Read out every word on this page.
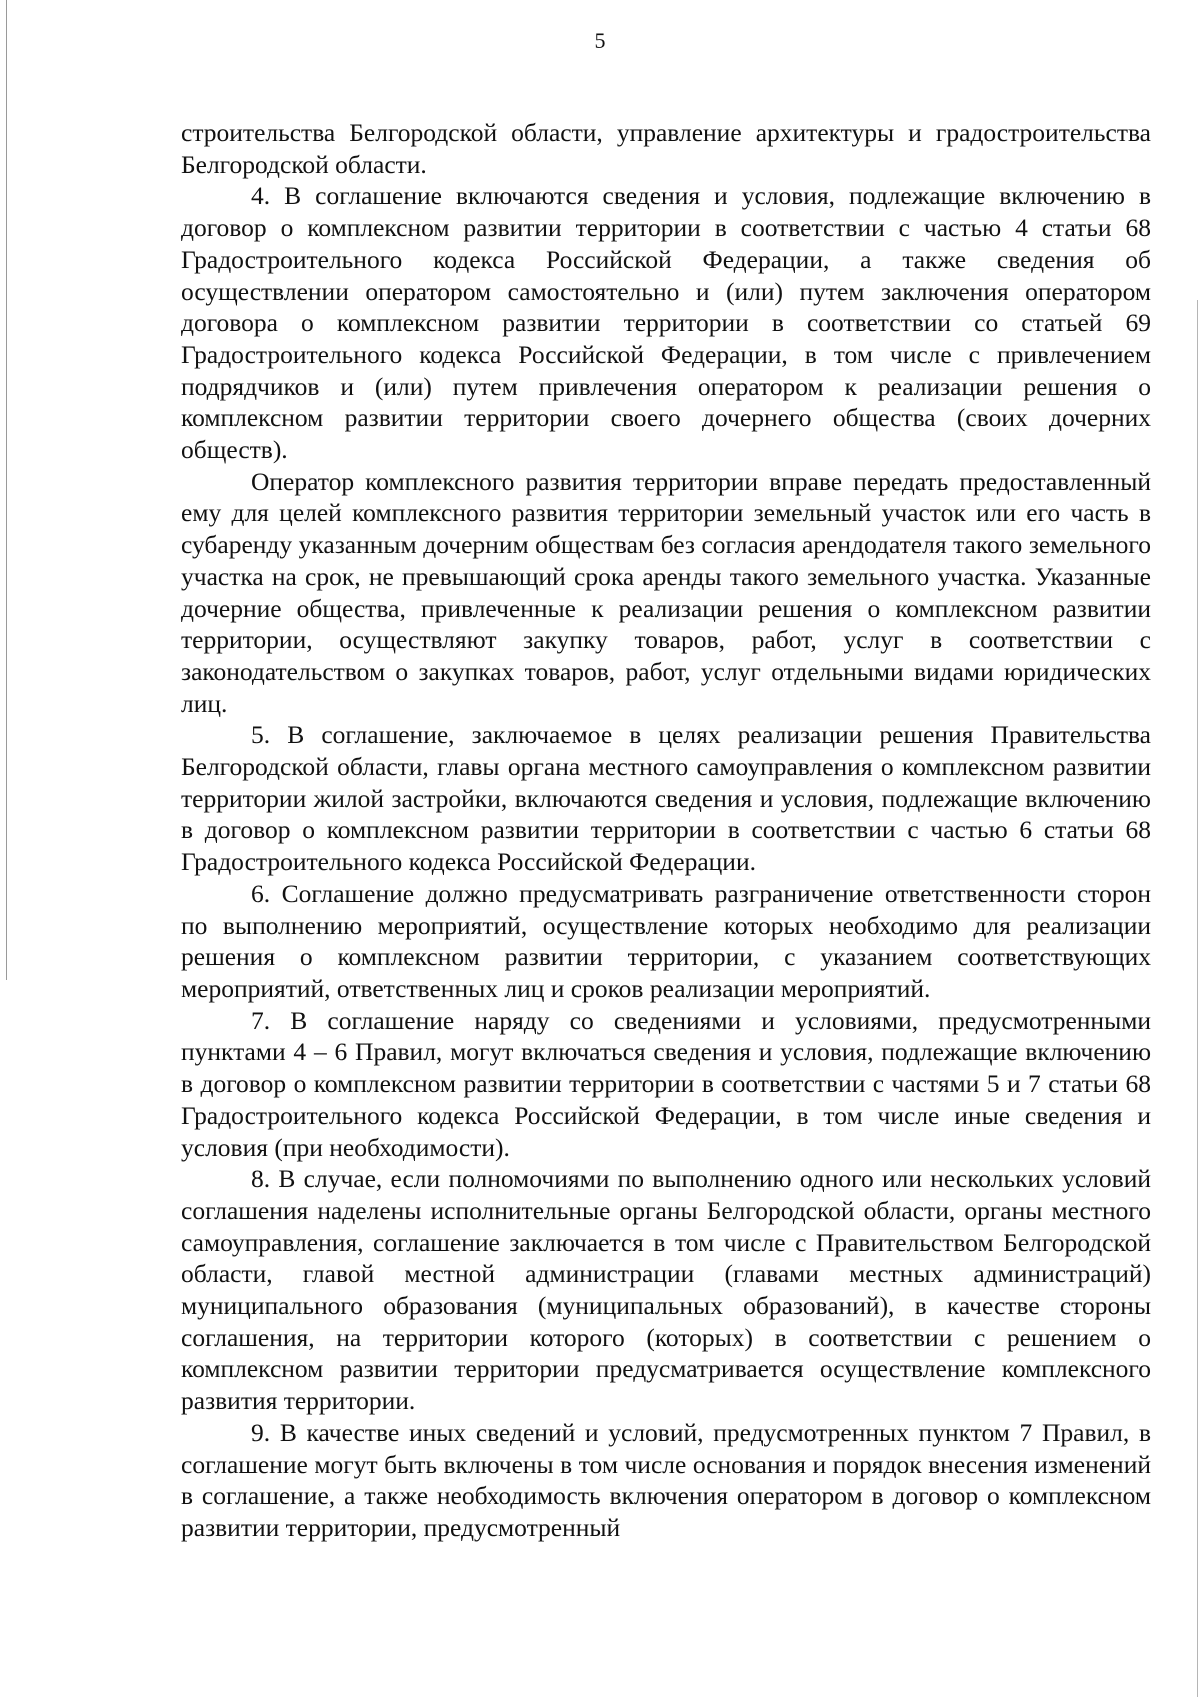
5

строительства Белгородской области, управление архитектуры и градостроительства Белгородской области.

4. В соглашение включаются сведения и условия, подлежащие включению в договор о комплексном развитии территории в соответствии с частью 4 статьи 68 Градостроительного кодекса Российской Федерации, а также сведения об осуществлении оператором самостоятельно и (или) путем заключения оператором договора о комплексном развитии территории в соответствии со статьей 69 Градостроительного кодекса Российской Федерации, в том числе с привлечением подрядчиков и (или) путем привлечения оператором к реализации решения о комплексном развитии территории своего дочернего общества (своих дочерних обществ).

Оператор комплексного развития территории вправе передать предоставленный ему для целей комплексного развития территории земельный участок или его часть в субаренду указанным дочерним обществам без согласия арендодателя такого земельного участка на срок, не превышающий срока аренды такого земельного участка. Указанные дочерние общества, привлеченные к реализации решения о комплексном развитии территории, осуществляют закупку товаров, работ, услуг в соответствии с законодательством о закупках товаров, работ, услуг отдельными видами юридических лиц.

5. В соглашение, заключаемое в целях реализации решения Правительства Белгородской области, главы органа местного самоуправления о комплексном развитии территории жилой застройки, включаются сведения и условия, подлежащие включению в договор о комплексном развитии территории в соответствии с частью 6 статьи 68 Градостроительного кодекса Российской Федерации.

6. Соглашение должно предусматривать разграничение ответственности сторон по выполнению мероприятий, осуществление которых необходимо для реализации решения о комплексном развитии территории, с указанием соответствующих мероприятий, ответственных лиц и сроков реализации мероприятий.

7. В соглашение наряду со сведениями и условиями, предусмотренными пунктами 4 – 6 Правил, могут включаться сведения и условия, подлежащие включению в договор о комплексном развитии территории в соответствии с частями 5 и 7 статьи 68 Градостроительного кодекса Российской Федерации, в том числе иные сведения и условия (при необходимости).

8. В случае, если полномочиями по выполнению одного или нескольких условий соглашения наделены исполнительные органы Белгородской области, органы местного самоуправления, соглашение заключается в том числе с Правительством Белгородской области, главой местной администрации (главами местных администраций) муниципального образования (муниципальных образований), в качестве стороны соглашения, на территории которого (которых) в соответствии с решением о комплексном развитии территории предусматривается осуществление комплексного развития территории.

9. В качестве иных сведений и условий, предусмотренных пунктом 7 Правил, в соглашение могут быть включены в том числе основания и порядок внесения изменений в соглашение, а также необходимость включения оператором в договор о комплексном развитии территории, предусмотренный
